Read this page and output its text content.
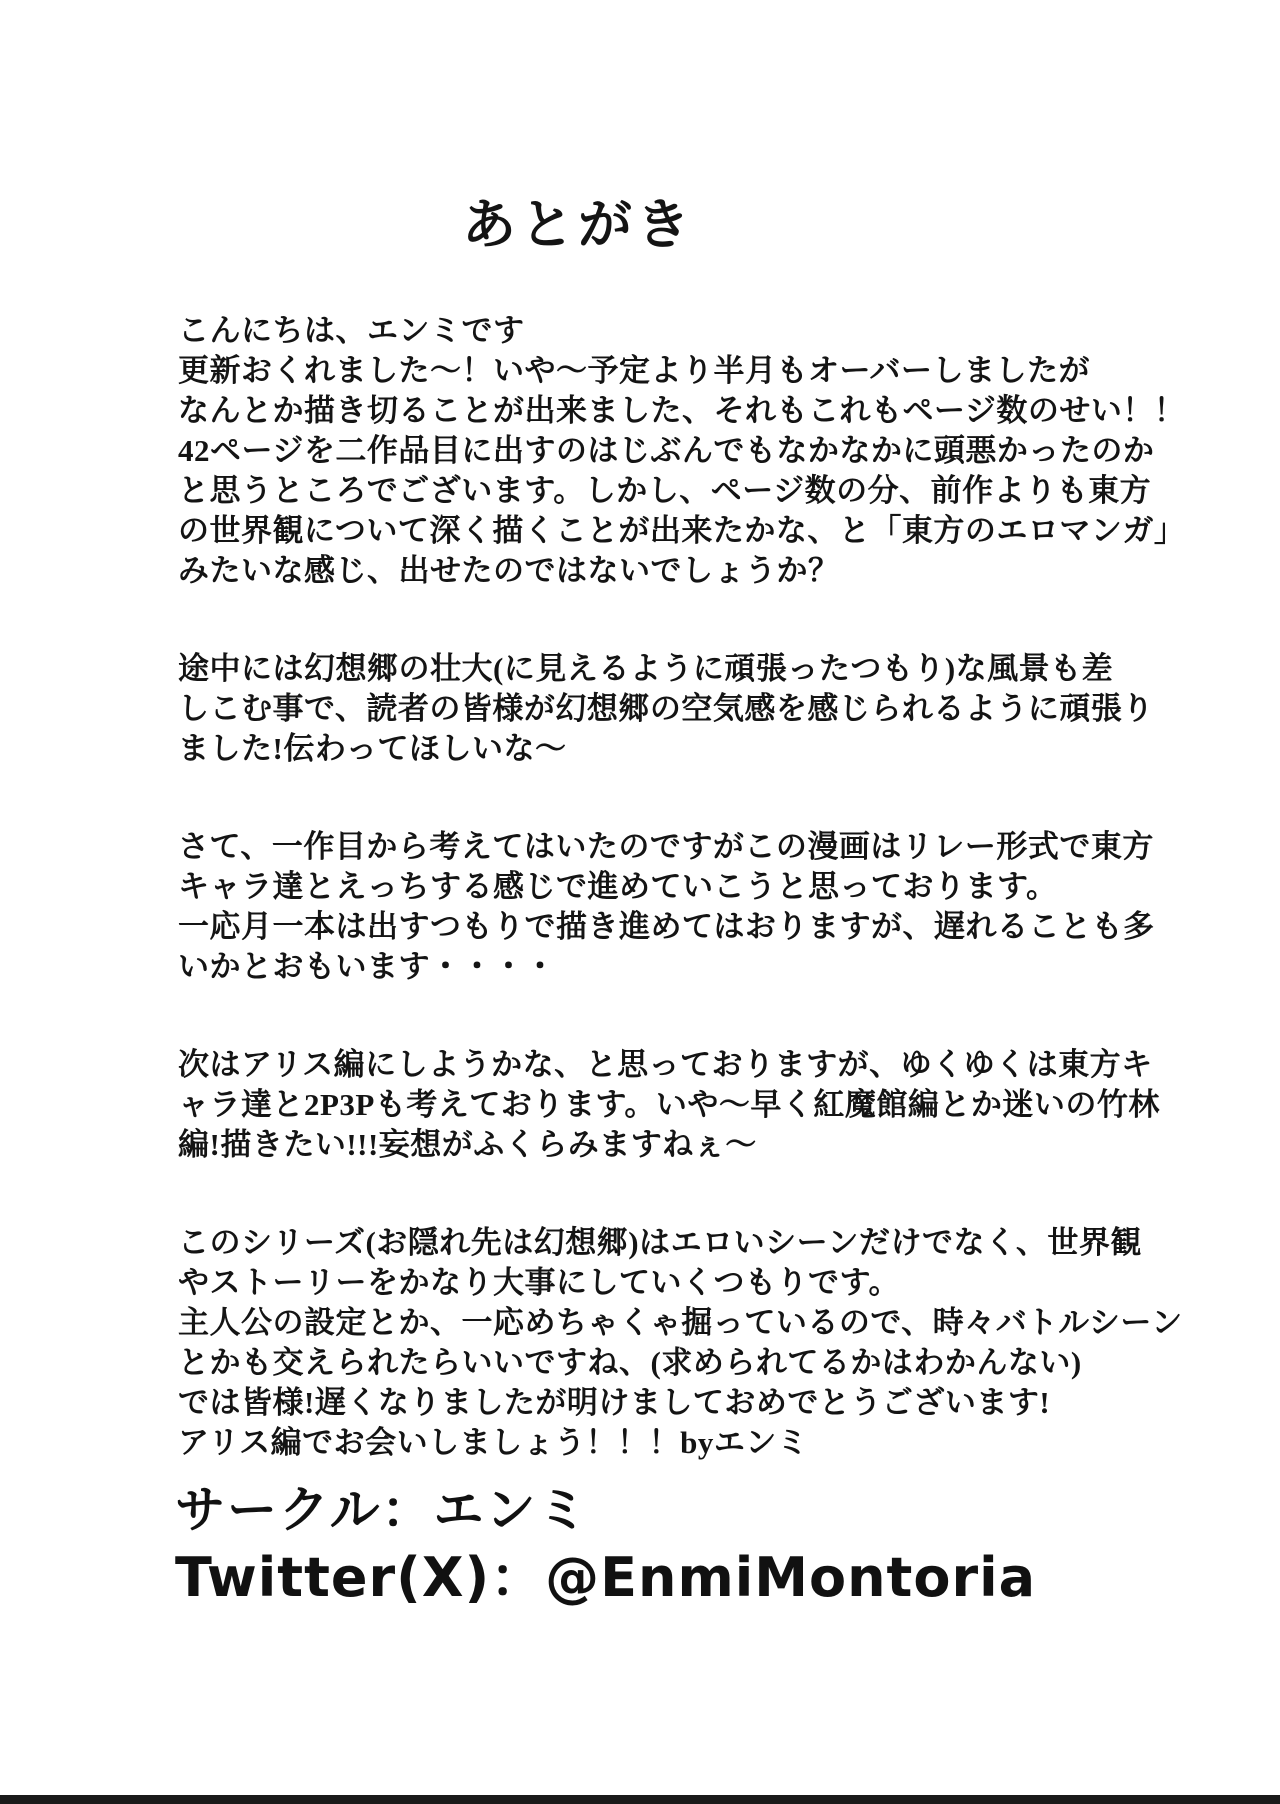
あとがき
こんにちは、エンミです
更新おくれました～！いや～予定より半月もオーバーしましたが
なんとか描き切ることが出来ました、それもこれもページ数のせい！！
42ページを二作品目に出すのはじぶんでもなかなかに頭悪かったのか
と思うところでございます。しかし、ページ数の分、前作よりも東方
の世界観について深く描くことが出来たかな、と「東方のエロマンガ」
みたいな感じ、出せたのではないでしょうか？
途中には幻想郷の壮大(に見えるように頑張ったつもり)な風景も差
しこむ事で、読者の皆様が幻想郷の空気感を感じられるように頑張り
ました!伝わってほしいな～
さて、一作目から考えてはいたのですがこの漫画はリレー形式で東方
キャラ達とえっちする感じで進めていこうと思っております。
一応月一本は出すつもりで描き進めてはおりますが、遅れることも多
いかとおもいます・・・・
次はアリス編にしようかな、と思っておりますが、ゆくゆくは東方キ
ャラ達と2P3Pも考えております。いや～早く紅魔館編とか迷いの竹林
編!描きたい!!!妄想がふくらみますねぇ～
このシリーズ(お隠れ先は幻想郷)はエロいシーンだけでなく、世界観
やストーリーをかなり大事にしていくつもりです。
主人公の設定とか、一応めちゃくゃ掘っているので、時々バトルシーン
とかも交えられたらいいですね、(求められてるかはわかんない)
では皆様!遅くなりましたが明けましておめでとうございます!
アリス編でお会いしましょう！！！byエンミ
サークル：エンミ
Twitter(X)：@EnmiMontoria
